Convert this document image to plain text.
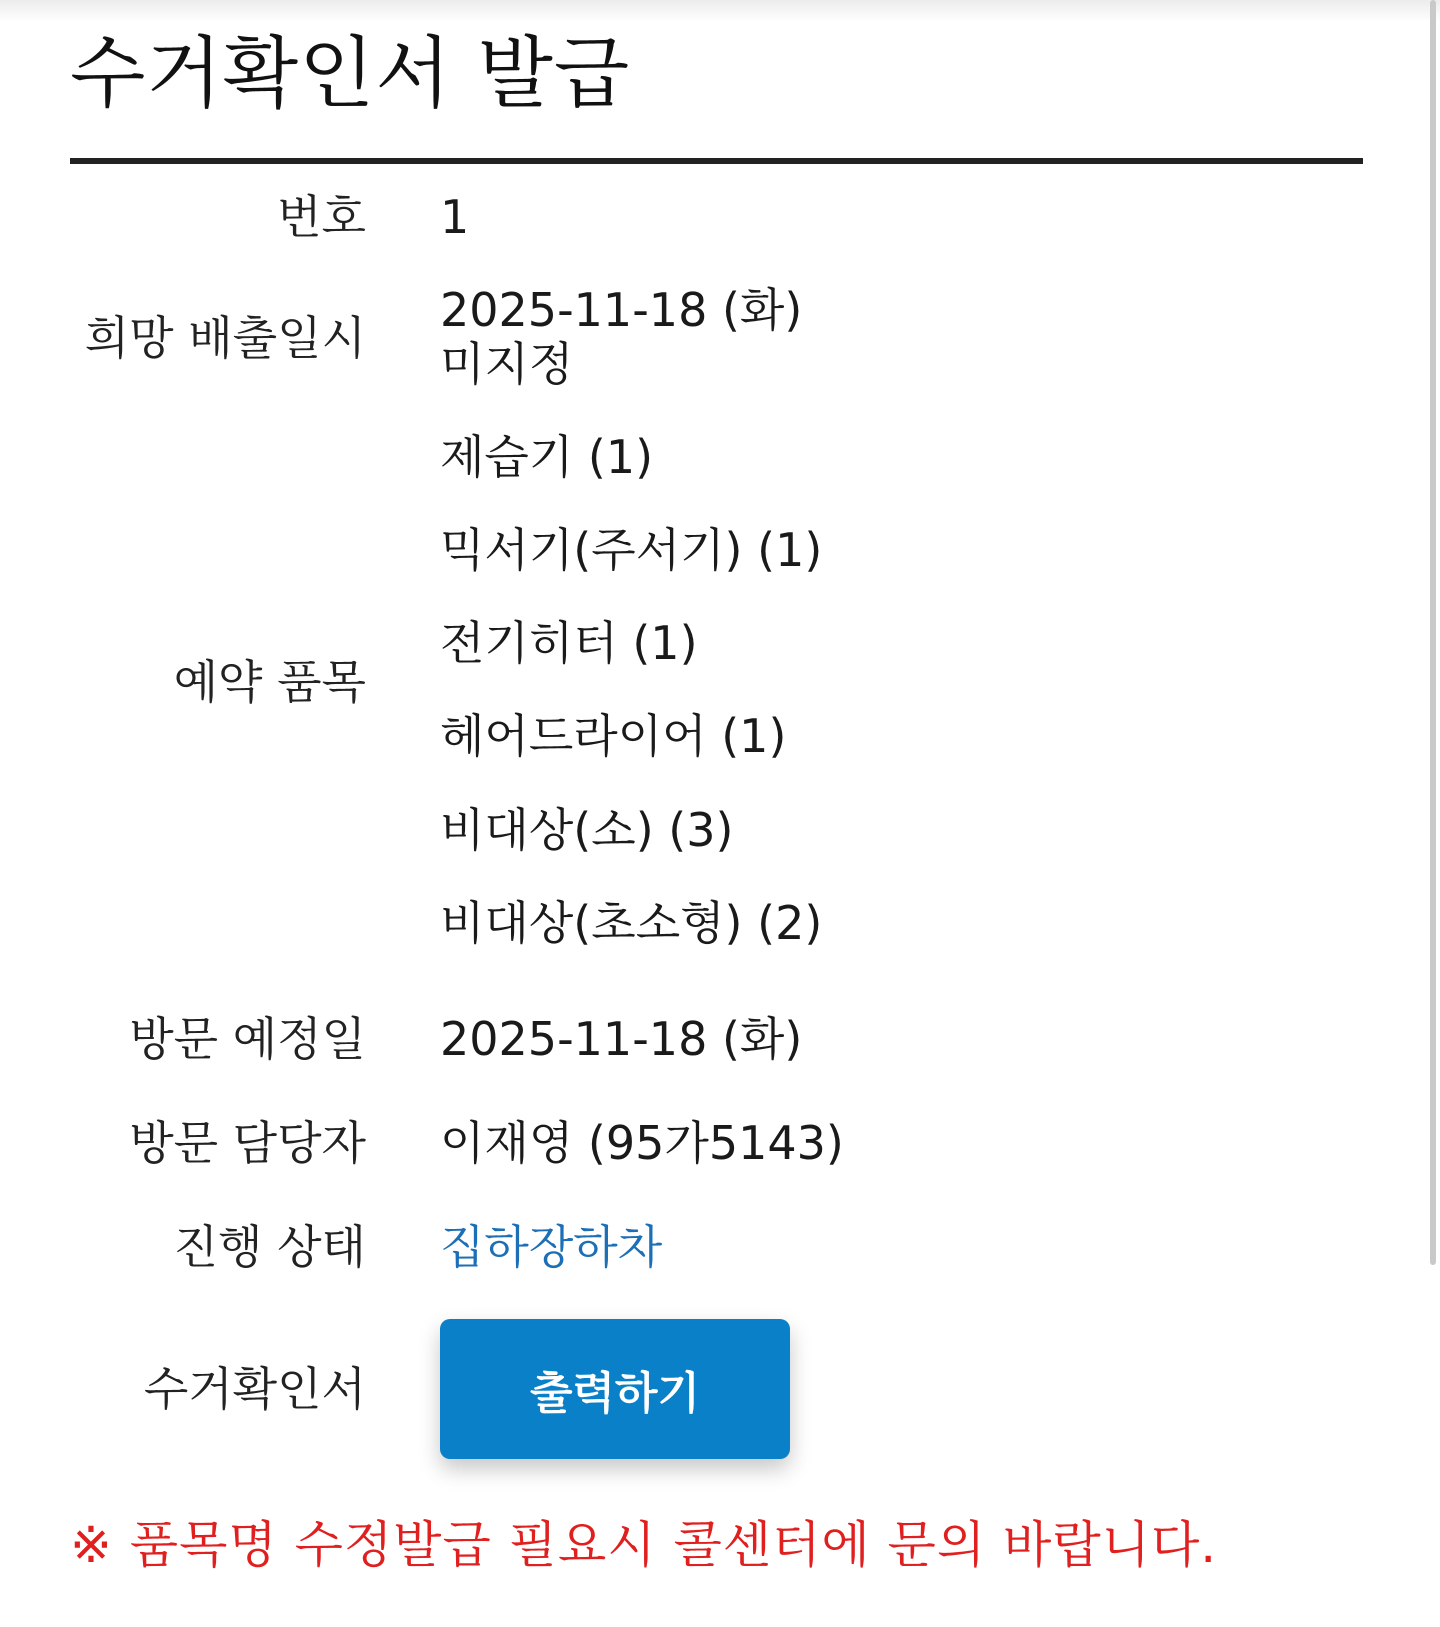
수거확인서 발급
번호 1
희망 배출일시
2025-11-18 (화)
미지정
예약 품목
제습기 (1)
믹서기(주서기) (1)
전기히터 (1)
헤어드라이어 (1)
비대상(소) (3)
비대상(초소형) (2)
방문 예정일 2025-11-18 (화)
방문 담당자 이재영 (95가5143)
진행 상태 집하장하차
수거확인서	출력하기
※ 품목명 수정발급 필요시 콜센터에 문의 바랍니다.
